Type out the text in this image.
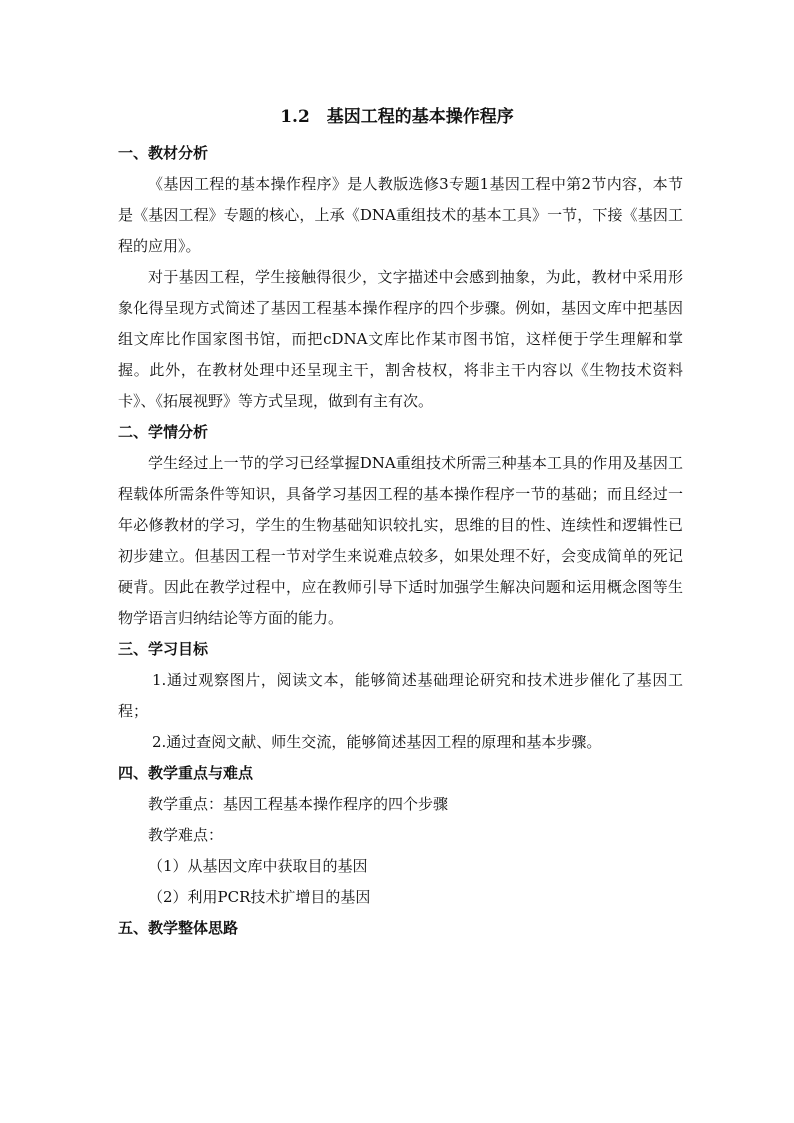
1.2　基因工程的基本操作程序

一、教材分析

《基因工程的基本操作程序》是人教版选修3专题1基因工程中第2节内容，本节是《基因工程》专题的核心，上承《DNA重组技术的基本工具》一节，下接《基因工程的应用》。

对于基因工程，学生接触得很少，文字描述中会感到抽象，为此，教材中采用形象化得呈现方式简述了基因工程基本操作程序的四个步骤。例如，基因文库中把基因组文库比作国家图书馆，而把cDNA文库比作某市图书馆，这样便于学生理解和掌握。此外，在教材处理中还呈现主干，割舍枝权，将非主干内容以《生物技术资料卡》、《拓展视野》等方式呈现，做到有主有次。

二、学情分析

学生经过上一节的学习已经掌握DNA重组技术所需三种基本工具的作用及基因工程载体所需条件等知识，具备学习基因工程的基本操作程序一节的基础；而且经过一年必修教材的学习，学生的生物基础知识较扎实，思维的目的性、连续性和逻辑性已初步建立。但基因工程一节对学生来说难点较多，如果处理不好，会变成简单的死记硬背。因此在教学过程中，应在教师引导下适时加强学生解决问题和运用概念图等生物学语言归纳结论等方面的能力。

三、学习目标

1.通过观察图片，阅读文本，能够简述基础理论研究和技术进步催化了基因工程；

2.通过查阅文献、师生交流，能够简述基因工程的原理和基本步骤。

四、教学重点与难点

教学重点：基因工程基本操作程序的四个步骤

教学难点：

（1）从基因文库中获取目的基因

（2）利用PCR技术扩增目的基因

五、教学整体思路
